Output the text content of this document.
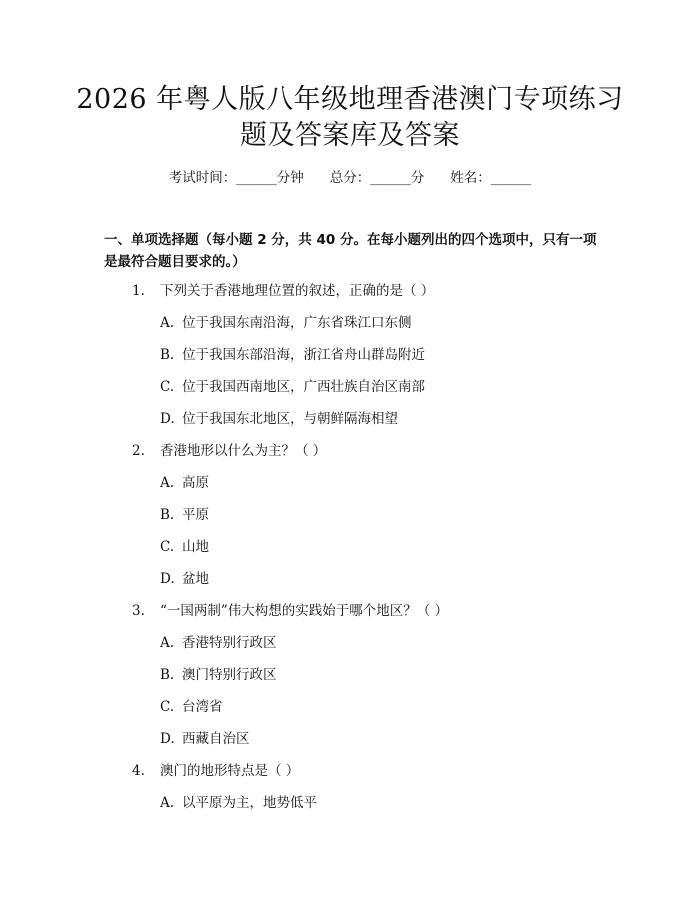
2026 年粤人版八年级地理香港澳门专项练习
题及答案库及答案
考试时间：______分钟 总分：______分 姓名：______
一、单项选择题（每小题 2 分，共 40 分。在每小题列出的四个选项中，只有一项
是最符合题目要求的。）
1. 下列关于香港地理位置的叙述，正确的是（ ）
A. 位于我国东南沿海，广东省珠江口东侧
B. 位于我国东部沿海，浙江省舟山群岛附近
C. 位于我国西南地区，广西壮族自治区南部
D. 位于我国东北地区，与朝鲜隔海相望
2. 香港地形以什么为主？（ ）
A. 高原
B. 平原
C. 山地
D. 盆地
3. “一国两制”伟大构想的实践始于哪个地区？（ ）
A. 香港特别行政区
B. 澳门特别行政区
C. 台湾省
D. 西藏自治区
4. 澳门的地形特点是（ ）
A. 以平原为主，地势低平
